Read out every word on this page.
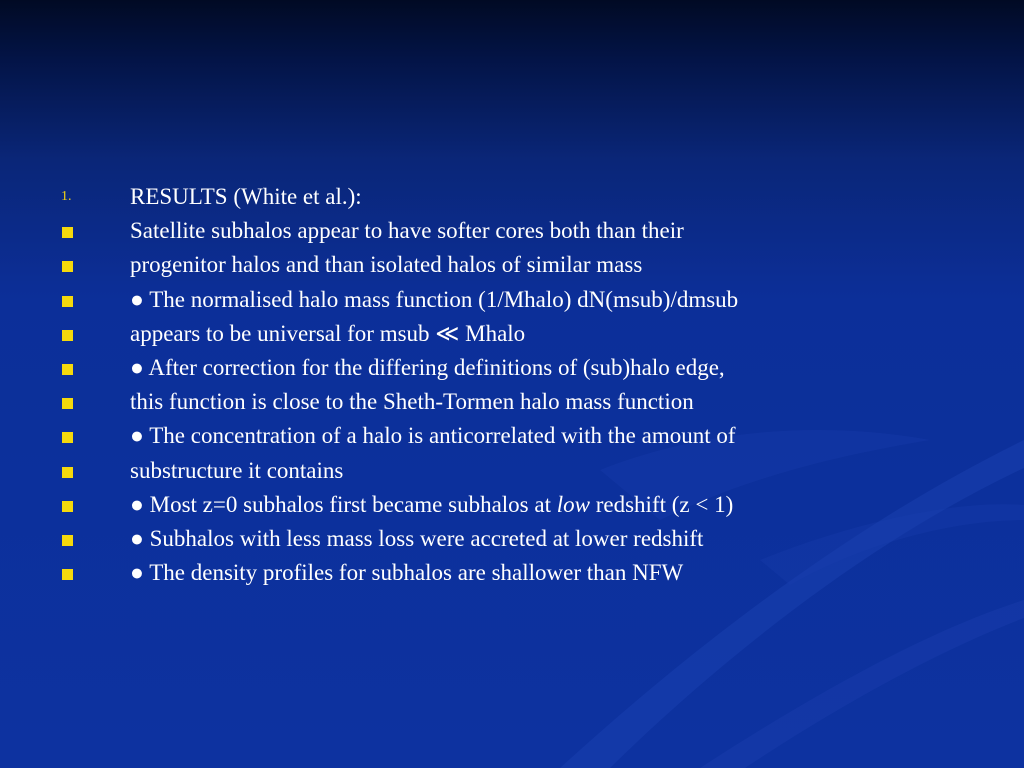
1.	RESULTS (White et al.):
Satellite subhalos appear to have softer cores both than their
progenitor halos and than isolated halos of similar mass
● The normalised halo mass function (1/Mhalo) dN(msub)/dmsub
appears to be universal for msub ≪ Mhalo
● After correction for the differing definitions of (sub)halo edge,
this function is close to the Sheth-Tormen halo mass function
● The concentration of a halo is anticorrelated with the amount of
substructure it contains
● Most z=0 subhalos first became subhalos at low redshift (z < 1)
● Subhalos with less mass loss were accreted at lower redshift
● The density profiles for subhalos are shallower than NFW
